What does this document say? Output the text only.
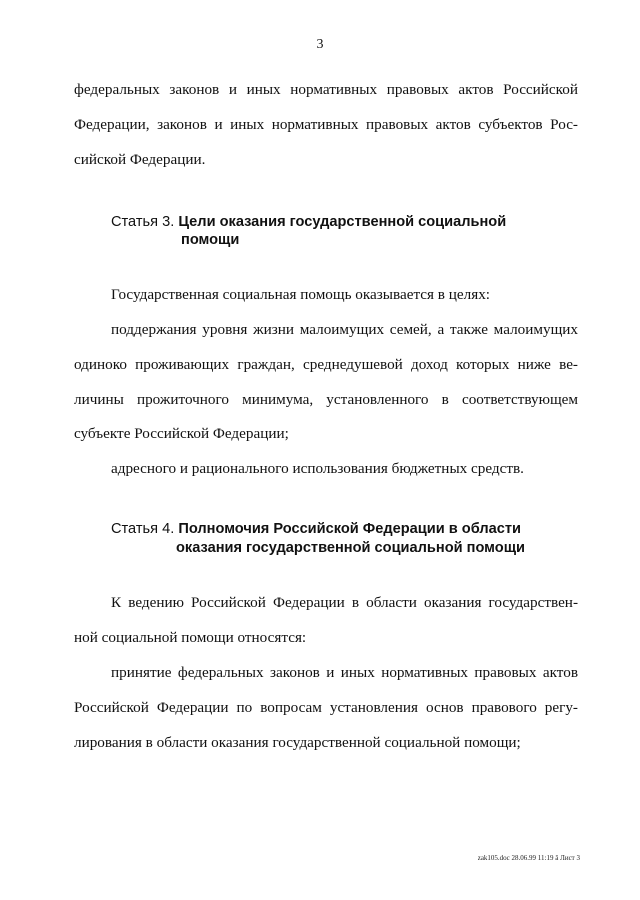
3
федеральных законов и иных нормативных правовых актов Российской
Федерации, законов и иных нормативных правовых актов субъектов Рос-
сийской Федерации.
Статья 3. Цели оказания государственной социальной
помощи
Государственная социальная помощь оказывается в целях:
поддержания уровня жизни малоимущих семей, а также малоимущих
одиноко проживающих граждан, среднедушевой доход которых ниже ве-
личины прожиточного минимума, установленного в соответствующем
субъекте Российской Федерации;
адресного и рационального использования бюджетных средств.
Статья 4. Полномочия Российской Федерации в области
оказания государственной социальной помощи
К ведению Российской Федерации в области оказания государствен-
ной социальной помощи относятся:
принятие федеральных законов и иных нормативных правовых актов
Российской Федерации по вопросам установления основ правового регу-
лирования в области оказания государственной социальной помощи;
zak105.doc 28.06.99 11:19 â Лист 3
